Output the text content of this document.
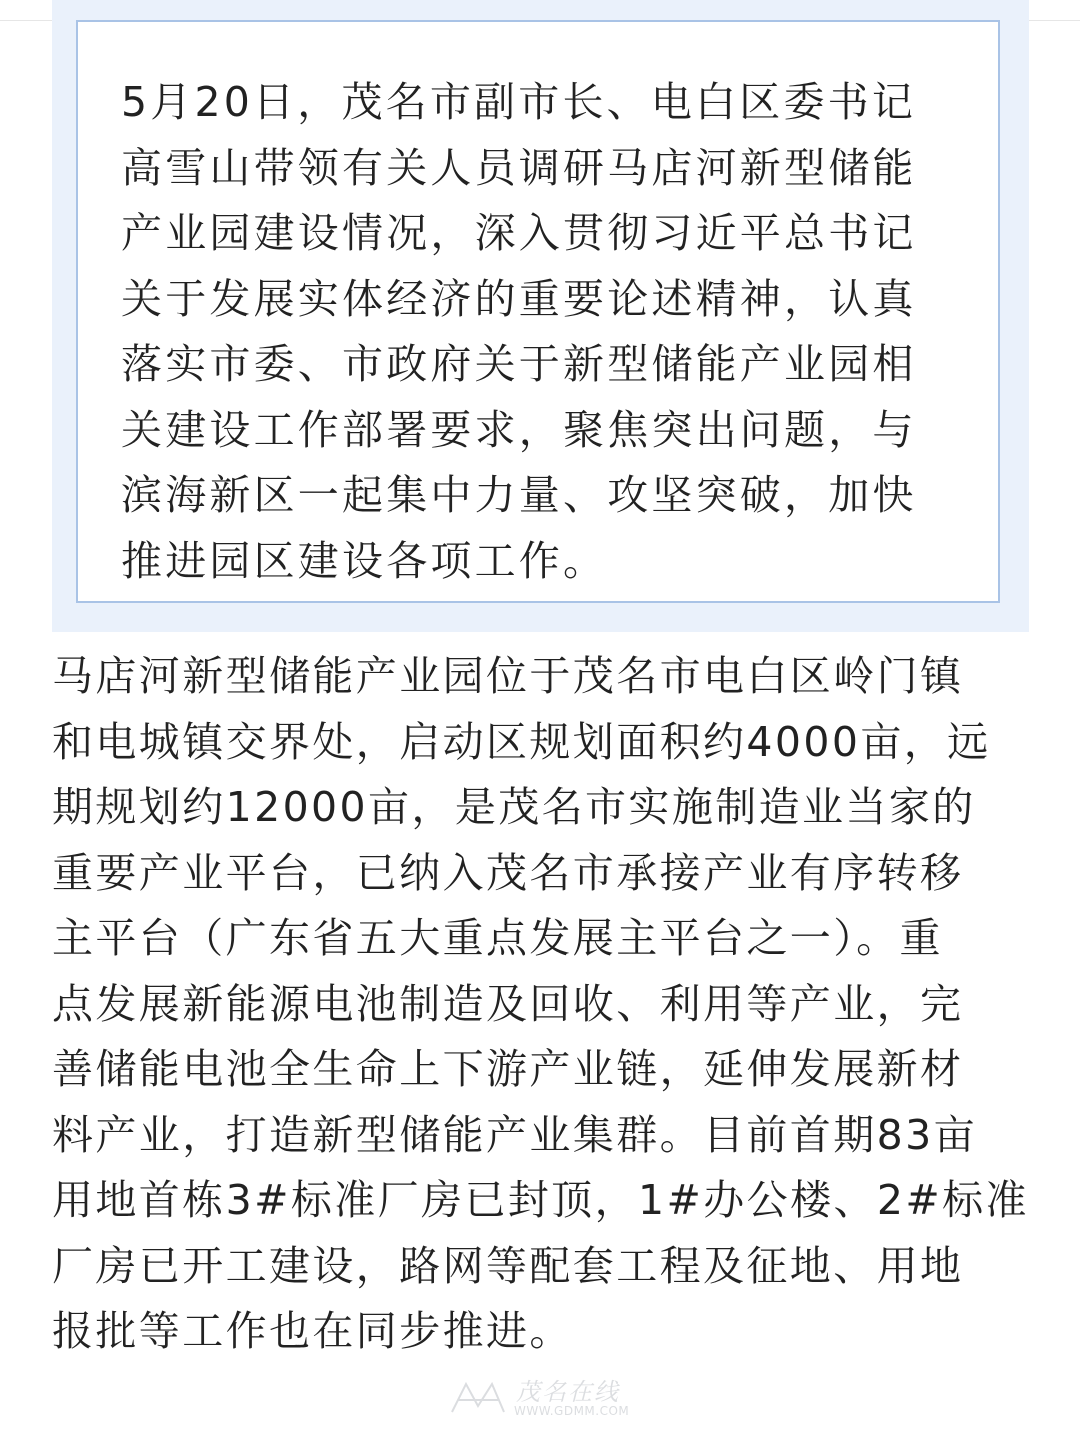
5月20日，茂名市副市长、电白区委书记
高雪山带领有关人员调研马店河新型储能
产业园建设情况，深入贯彻习近平总书记
关于发展实体经济的重要论述精神，认真
落实市委、市政府关于新型储能产业园相
关建设工作部署要求，聚焦突出问题，与
滨海新区一起集中力量、攻坚突破，加快
推进园区建设各项工作。
马店河新型储能产业园位于茂名市电白区岭门镇
和电城镇交界处，启动区规划面积约4000亩，远
期规划约12000亩，是茂名市实施制造业当家的
重要产业平台，已纳入茂名市承接产业有序转移
主平台（广东省五大重点发展主平台之一）。重
点发展新能源电池制造及回收、利用等产业，完
善储能电池全生命上下游产业链，延伸发展新材
料产业，打造新型储能产业集群。目前首期83亩
用地首栋3#标准厂房已封顶，1#办公楼、2#标准
厂房已开工建设，路网等配套工程及征地、用地
报批等工作也在同步推进。
茂名在线
WWW.GDMM.COM
